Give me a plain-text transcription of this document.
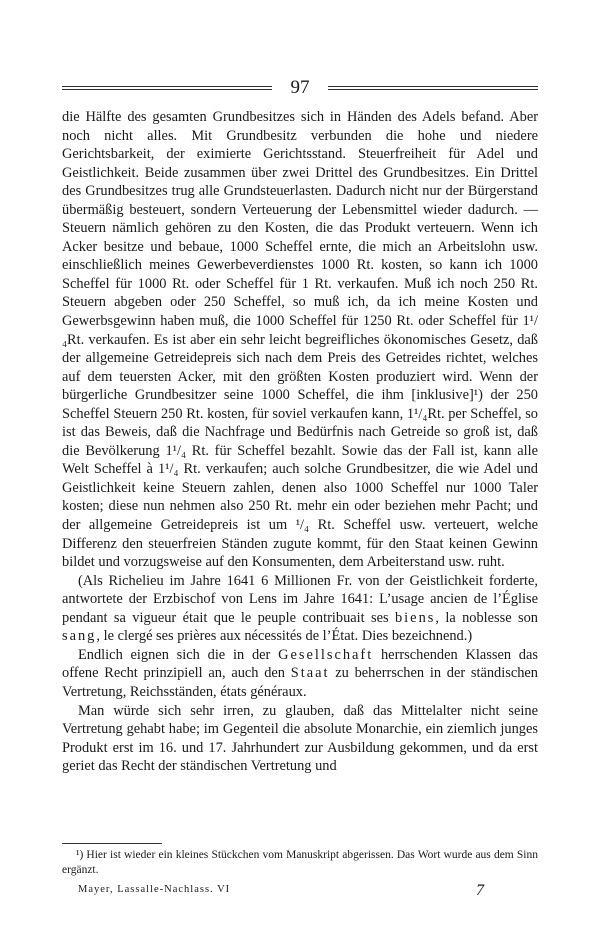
97

die Hälfte des gesamten Grundbesitzes sich in Händen des Adels befand. Aber noch nicht alles. Mit Grundbesitz verbunden die hohe und niedere Gerichtsbarkeit, der eximierte Gerichtsstand. Steuerfreiheit für Adel und Geistlichkeit. Beide zusammen über zwei Drittel des Grundbesitzes. Ein Drittel des Grundbesitzes trug alle Grundsteuerlasten. Dadurch nicht nur der Bürgerstand übermäßig besteuert, sondern Verteuerung der Lebensmittel wieder dadurch. — Steuern nämlich gehören zu den Kosten, die das Produkt verteuern. Wenn ich Acker besitze und bebaue, 1000 Scheffel ernte, die mich an Arbeitslohn usw. einschließlich meines Gewerbeverdienstes 1000 Rt. kosten, so kann ich 1000 Scheffel für 1000 Rt. oder Scheffel für 1 Rt. verkaufen. Muß ich noch 250 Rt. Steuern abgeben oder 250 Scheffel, so muß ich, da ich meine Kosten und Gewerbsgewinn haben muß, die 1000 Scheffel für 1250 Rt. oder Scheffel für 1¹/₄Rt. verkaufen. Es ist aber ein sehr leicht begreifliches ökonomisches Gesetz, daß der allgemeine Getreidepreis sich nach dem Preis des Getreides richtet, welches auf dem teuersten Acker, mit den größten Kosten produziert wird. Wenn der bürgerliche Grundbesitzer seine 1000 Scheffel, die ihm [inklusive]¹) der 250 Scheffel Steuern 250 Rt. kosten, für soviel verkaufen kann, 1¹/₄Rt. per Scheffel, so ist das Beweis, daß die Nachfrage und Bedürfnis nach Getreide so groß ist, daß die Bevölkerung 1¹/₄ Rt. für Scheffel bezahlt. Sowie das der Fall ist, kann alle Welt Scheffel à 1¹/₄ Rt. verkaufen; auch solche Grundbesitzer, die wie Adel und Geistlichkeit keine Steuern zahlen, denen also 1000 Scheffel nur 1000 Taler kosten; diese nun nehmen also 250 Rt. mehr ein oder beziehen mehr Pacht; und der allgemeine Getreidepreis ist um ¹/₄ Rt. Scheffel usw. verteuert, welche Differenz den steuerfreien Ständen zugute kommt, für den Staat keinen Gewinn bildet und vorzugsweise auf den Konsumenten, dem Arbeiterstand usw. ruht.

(Als Richelieu im Jahre 1641 6 Millionen Fr. von der Geistlichkeit forderte, antwortete der Erzbischof von Lens im Jahre 1641: L’usage ancien de l’Église pendant sa vigueur était que le peuple contribuait ses biens, la noblesse son sang, le clergé ses prières aux nécessités de l’État. Dies bezeichnend.)

Endlich eignen sich die in der Gesellschaft herrschenden Klassen das offene Recht prinzipiell an, auch den Staat zu beherrschen in der ständischen Vertretung, Reichsständen, états généraux.

Man würde sich sehr irren, zu glauben, daß das Mittelalter nicht seine Vertretung gehabt habe; im Gegenteil die absolute Monarchie, ein ziemlich junges Produkt erst im 16. und 17. Jahrhundert zur Ausbildung gekommen, und da erst geriet das Recht der ständischen Vertretung und

¹) Hier ist wieder ein kleines Stückchen vom Manuskript abgerissen. Das Wort wurde aus dem Sinn ergänzt.

Mayer, Lassalle-Nachlass. VI	7
